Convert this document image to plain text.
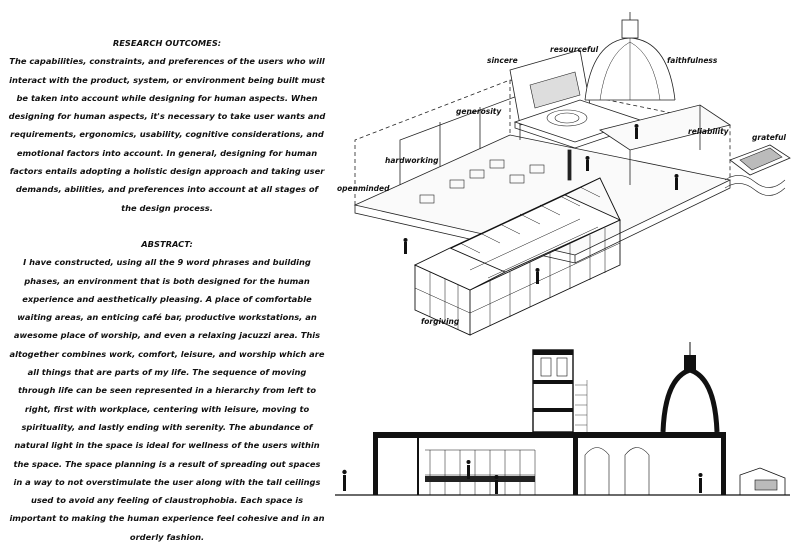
RESEARCH OUTCOMES:

The capabilities, constraints, and preferences of the users who will interact with the product, system, or environment being built must be taken into account while designing for human aspects. When designing for human aspects, it's necessary to take user wants and requirements, ergonomics, usability, cognitive considerations, and emotional factors into account. In general, designing for human factors entails adopting a holistic design approach and taking user demands, abilities, and preferences into account at all stages of the design process.

ABSTRACT:

I have constructed, using all the 9 word phrases and building phases, an environment that is both designed for the human experience and aesthetically pleasing. A place of comfortable waiting areas, an enticing café bar, productive workstations, an awesome place of worship, and even a relaxing jacuzzi area. This altogether combines work, comfort, leisure, and worship which are all things that are parts of my life. The sequence of moving through life can be seen represented in a hierarchy from left to right, first with workplace, centering with leisure, moving to spirituality, and lastly ending with serenity. The abundance of natural light in the space is ideal for wellness of the users within the space. The space planning is a result of spreading out spaces in a way to not overstimulate the user along with the tall ceilings used to avoid any feeling of claustrophobia. Each space is important to making the human experience feel cohesive and in an orderly fashion.

sincere
resourceful
faithfulness
generosity
reliability
grateful
hardworking
openminded
forgiving
